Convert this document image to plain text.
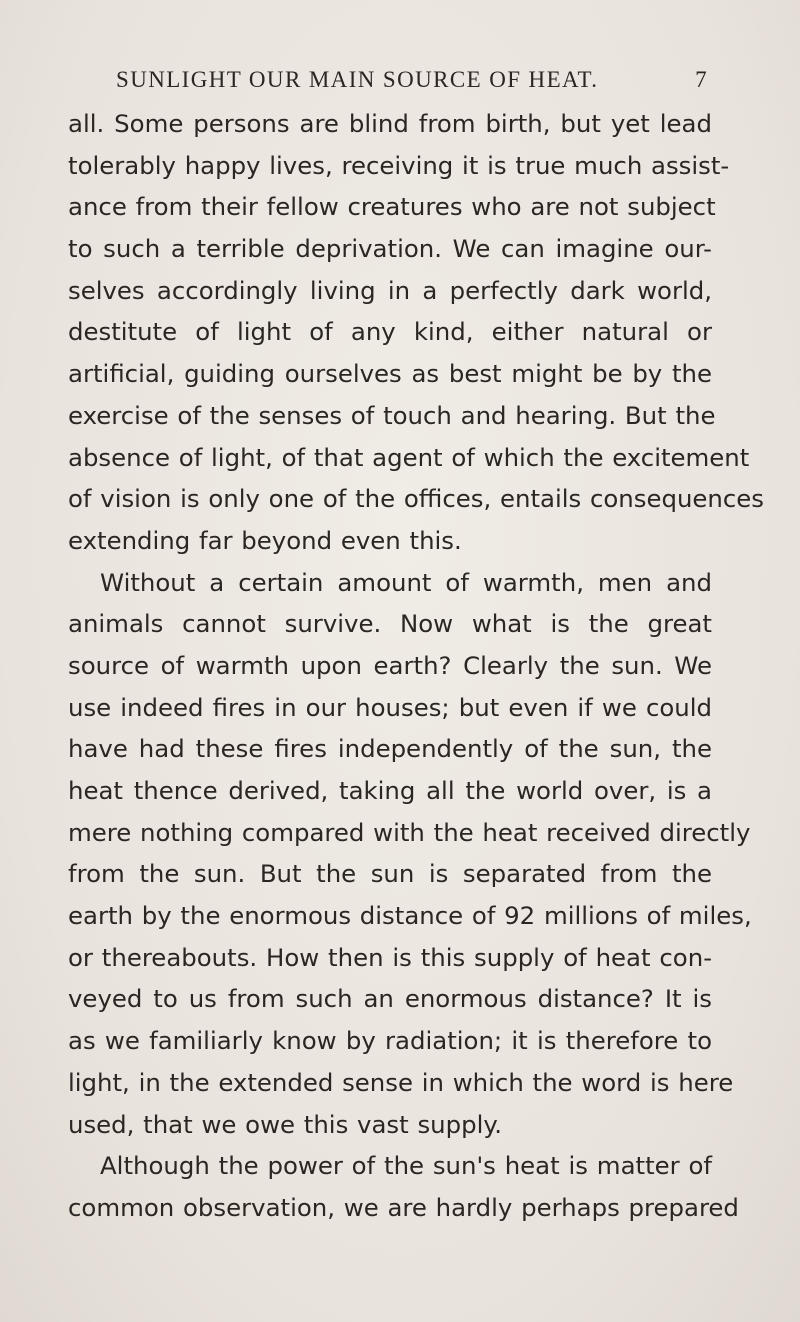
SUNLIGHT OUR MAIN SOURCE OF HEAT.	7
all. Some persons are blind from birth, but yet lead
tolerably happy lives, receiving it is true much assist-
ance from their fellow creatures who are not subject
to such a terrible deprivation. We can imagine our-
selves accordingly living in a perfectly dark world,
destitute of light of any kind, either natural or
artificial, guiding ourselves as best might be by the
exercise of the senses of touch and hearing. But the
absence of light, of that agent of which the excitement
of vision is only one of the offices, entails consequences
extending far beyond even this.
Without a certain amount of warmth, men and
animals cannot survive. Now what is the great
source of warmth upon earth? Clearly the sun. We
use indeed fires in our houses; but even if we could
have had these fires independently of the sun, the
heat thence derived, taking all the world over, is a
mere nothing compared with the heat received directly
from the sun. But the sun is separated from the
earth by the enormous distance of 92 millions of miles,
or thereabouts. How then is this supply of heat con-
veyed to us from such an enormous distance? It is
as we familiarly know by radiation; it is therefore to
light, in the extended sense in which the word is here
used, that we owe this vast supply.
Although the power of the sun's heat is matter of
common observation, we are hardly perhaps prepared
